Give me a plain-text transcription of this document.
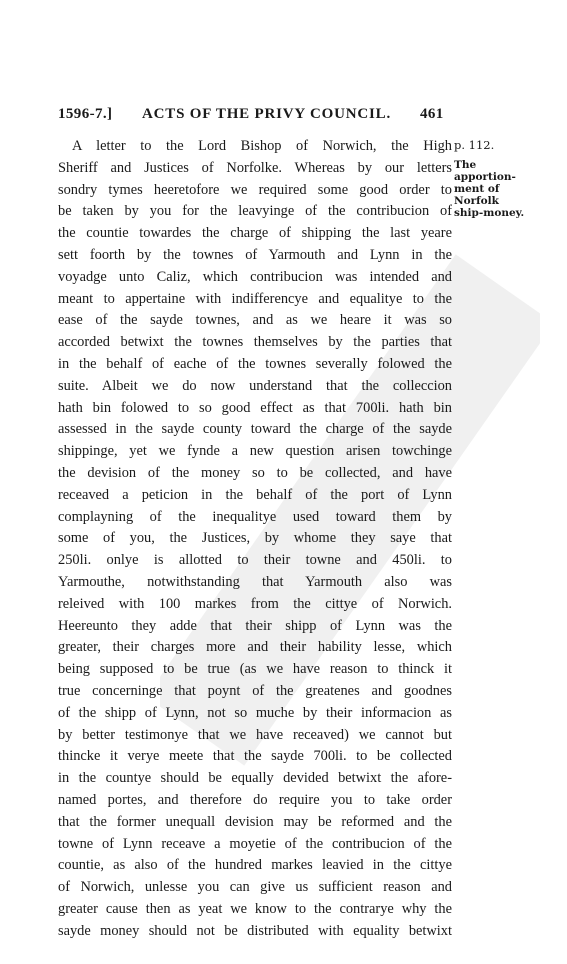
1596-7.] ACTS OF THE PRIVY COUNCIL. 461
A letter to the Lord Bishop of Norwich, the High
Sheriff and Justices of Norfolke. Whereas by our letters
sondry tymes heeretofore we required some good order to
be taken by you for the leavyinge of the contribucion of
the countie towardes the charge of shipping the last yeare
sett foorth by the townes of Yarmouth and Lynn in the
voyadge unto Caliz, which contribucion was intended and
meant to appertaine with indifferencye and equalitye to the
ease of the sayde townes, and as we heare it was so
accorded betwixt the townes themselves by the parties that
in the behalf of eache of the townes severally folowed the
suite. Albeit we do now understand that the colleccion
hath bin folowed to so good effect as that 700li. hath bin
assessed in the sayde county toward the charge of the sayde
shippinge, yet we fynde a new question arisen towchinge
the devision of the money so to be collected, and have
receaved a peticion in the behalf of the port of Lynn
complayning of the inequalitye used toward them by
some of you, the Justices, by whome they saye that
250li. onlye is allotted to their towne and 450li. to
Yarmouthe, notwithstanding that Yarmouth also was
releived with 100 markes from the cittye of Norwich.
Heereunto they adde that their shipp of Lynn was the
greater, their charges more and their hability lesse, which
being supposed to be true (as we have reason to thinck it
true concerninge that poynt of the greatenes and goodnes
of the shipp of Lynn, not so muche by their informacion as
by better testimonye that we have receaved) we cannot but
thincke it verye meete that the sayde 700li. to be collected
in the countye should be equally devided betwixt the afore-
named portes, and therefore do require you to take order
that the former unequall devision may be reformed and the
towne of Lynn receave a moyetie of the contribucion of the
countie, as also of the hundred markes leavied in the cittye
of Norwich, unlesse you can give us sufficient reason and
greater cause then as yeat we know to the contrarye why the
sayde money should not be distributed with equality betwixt
p. 112.
The
apportion-
ment of
Norfolk
ship-money.
